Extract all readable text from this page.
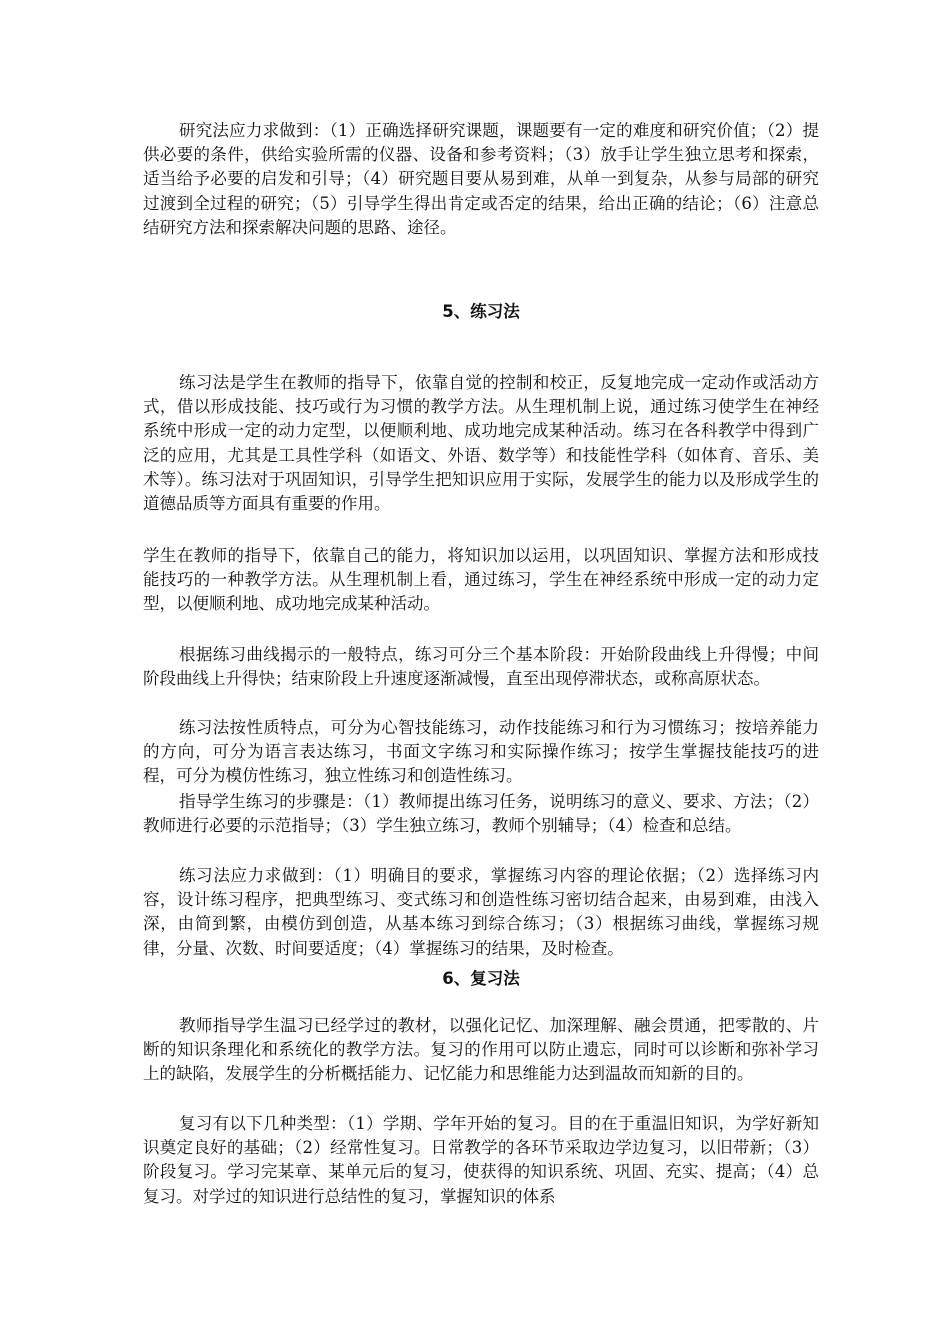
研究法应力求做到：（1）正确选择研究课题，课题要有一定的难度和研究价值；（2）提供必要的条件，供给实验所需的仪器、设备和参考资料；（3）放手让学生独立思考和探索，适当给予必要的启发和引导；（4）研究题目要从易到难，从单一到复杂，从参与局部的研究过渡到全过程的研究；（5）引导学生得出肯定或否定的结果，给出正确的结论；（6）注意总结研究方法和探索解决问题的思路、途径。

5、练习法

练习法是学生在教师的指导下，依靠自觉的控制和校正，反复地完成一定动作或活动方式，借以形成技能、技巧或行为习惯的教学方法。从生理机制上说，通过练习使学生在神经系统中形成一定的动力定型，以便顺利地、成功地完成某种活动。练习在各科教学中得到广泛的应用，尤其是工具性学科（如语文、外语、数学等）和技能性学科（如体育、音乐、美术等）。练习法对于巩固知识，引导学生把知识应用于实际，发展学生的能力以及形成学生的道德品质等方面具有重要的作用。

学生在教师的指导下，依靠自己的能力，将知识加以运用，以巩固知识、掌握方法和形成技能技巧的一种教学方法。从生理机制上看，通过练习，学生在神经系统中形成一定的动力定型，以便顺利地、成功地完成某种活动。

根据练习曲线揭示的一般特点，练习可分三个基本阶段：开始阶段曲线上升得慢；中间阶段曲线上升得快；结束阶段上升速度逐渐减慢，直至出现停滞状态，或称高原状态。

练习法按性质特点，可分为心智技能练习，动作技能练习和行为习惯练习；按培养能力的方向，可分为语言表达练习，书面文字练习和实际操作练习；按学生掌握技能技巧的进程，可分为模仿性练习，独立性练习和创造性练习。

指导学生练习的步骤是：（1）教师提出练习任务，说明练习的意义、要求、方法；（2）教师进行必要的示范指导；（3）学生独立练习，教师个别辅导；（4）检查和总结。

练习法应力求做到：（1）明确目的要求，掌握练习内容的理论依据；（2）选择练习内容，设计练习程序，把典型练习、变式练习和创造性练习密切结合起来，由易到难，由浅入深，由简到繁，由模仿到创造，从基本练习到综合练习；（3）根据练习曲线，掌握练习规律，分量、次数、时间要适度；（4）掌握练习的结果，及时检查。

6、复习法

教师指导学生温习已经学过的教材，以强化记忆、加深理解、融会贯通，把零散的、片断的知识条理化和系统化的教学方法。复习的作用可以防止遗忘，同时可以诊断和弥补学习上的缺陷，发展学生的分析概括能力、记忆能力和思维能力达到温故而知新的目的。

复习有以下几种类型：（1）学期、学年开始的复习。目的在于重温旧知识，为学好新知识奠定良好的基础；（2）经常性复习。日常教学的各环节采取边学边复习，以旧带新；（3）阶段复习。学习完某章、某单元后的复习，使获得的知识系统、巩固、充实、提高；（4）总复习。对学过的知识进行总结性的复习，掌握知识的体系
